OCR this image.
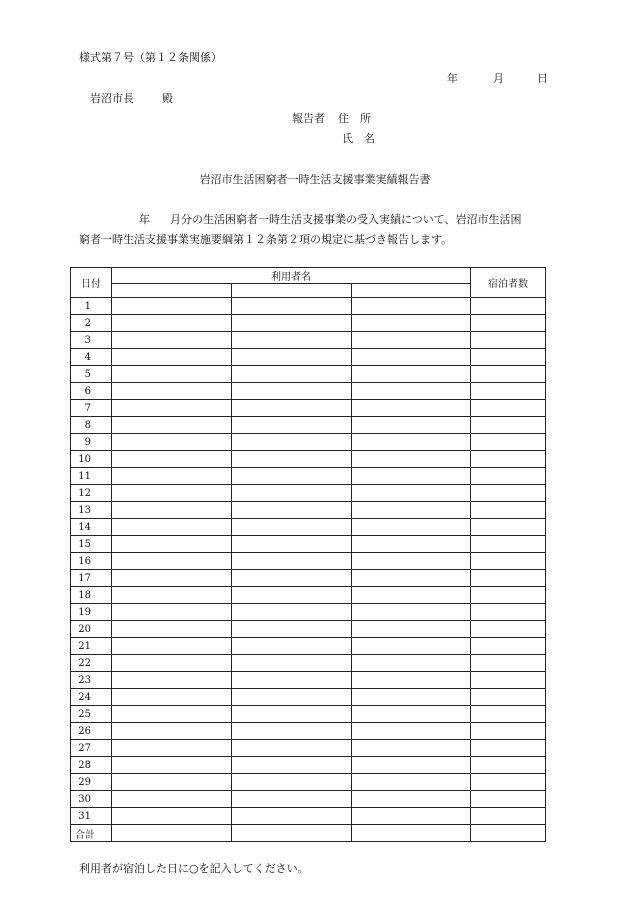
様式第７号（第１２条関係）
年	月	日
岩沼市長	殿
報告者 住　所
氏　名
岩沼市生活困窮者一時生活支援事業実績報告書
年 月分の生活困窮者一時生活支援事業の受入実績について、岩沼市生活困
窮者一時生活支援事業実施要綱第１２条第２項の規定に基づき報告します。
日付	利用者名			宿泊者数

1				
2				
3				
4				
5				
6				
7				
8				
9				
10				
11				
12				
13				
14				
15				
16				
17				
18				
19				
20				
21				
22				
23				
24				
25				
26				
27				
28				
29				
30				
31				
合計				
利用者が宿泊した日に○を記入してください。
